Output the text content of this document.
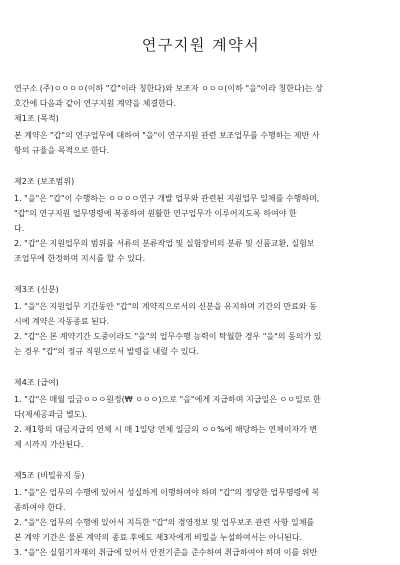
연구지원 계약서
연구소 (주)ㅇㅇㅇㅇ(이하 "갑"이라 칭한다)와 보조자 ㅇㅇㅇ(이하 "을"이라 칭한다)는 상
호간에 다음과 같이 연구지원 계약을 체결한다.
제1조 (목적)
본 계약은 "갑"의 연구업무에 대하여 "을"이 연구지원 관련 보조업무를 수행하는 제반 사
항의 규율을 목적으로 한다.
제2조 (보조범위)
1. "을"은 "갑"이 수행하는 ㅇㅇㅇㅇ연구 개발 업무와 관련된 지원업무 일체를 수행하며,
"갑"의 연구지원 업무명령에 복종하여 원활한 연구업무가 이루어지도록 하여야 한
다.
2. "갑"은 지원업무의 범위를 서류의 분류작업 및 실험장비의 분류 및 신품교환, 실험보
조업무에 한정하며 지시를 할 수 있다.
제3조 (신분)
1. "을"은 지원업무 기간동안 "갑"의 계약직으로서의 신분을 유지하며 기간의 만료와 동
시에 계약은 자동종료 된다.
2. "갑"은 본 계약기간 도중이라도 "을"의 업무수행 능력이 탁월한 경우 "을"의 동의가 있
는 경우 "갑"의 정규 직원으로서 발령을 내릴 수 있다.
제4조 (급여)
1. "갑"은 매월 일금ㅇㅇㅇ원정(₩ ㅇㅇㅇ)으로 "을"에게 지급하며 지급일은 ㅇㅇ일로 한
다(제세공과금 별도).
2. 제1항의 대금지급의 연체 시 매 1일당 연체 일금의 ㅇㅇ%에 해당하는 연체이자가 변
제 시까지 가산된다.
제5조 (비밀유지 등)
1. "을"은 업무의 수행에 있어서 성실하게 이행하여야 하며 "갑"의 정당한 업무명령에 복
종하여야 한다.
2. "을"은 업무의 수행에 있어서 지득한 "갑"의 경영정보 및 업무보조 관련 사항 일체를
본 계약 기간은 물론 계약의 종료 후에도 제3자에게 비밀을 누설하여서는 아니된다.
3. "을"은 실험기자재의 취급에 있어서 안전기준을 준수하여 취급하여야 하며 이를 위반
